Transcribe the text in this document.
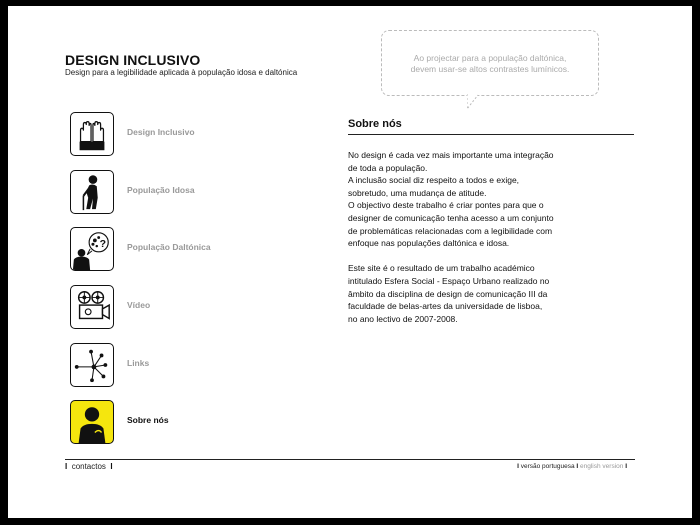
DESIGN INCLUSIVO
Design para a legibilidade aplicada à população idosa e daltónica
Ao projectar para a população daltónica,
devem usar-se altos contrastes lumínicos.
Design Inclusivo
População Idosa
? População Daltónica
Vídeo
Links
Sobre nós
Sobre nós

No design é cada vez mais importante uma integração
de toda a população.
A inclusão social diz respeito a todos e exige,
sobretudo, uma mudança de atitude.
O objectivo deste trabalho é criar pontes para que o
designer de comunicação tenha acesso a um conjunto
de problemáticas relacionadas com a legibilidade com
enfoque nas populações daltónica e idosa.

Este site é o resultado de um trabalho académico
intitulado Esfera Social - Espaço Urbano realizado no
âmbito da disciplina de design de comunicação III da
faculdade de belas-artes da universidade de lisboa,
no ano lectivo de 2007-2008.

I contactos I	I versão portuguesa I english version I
